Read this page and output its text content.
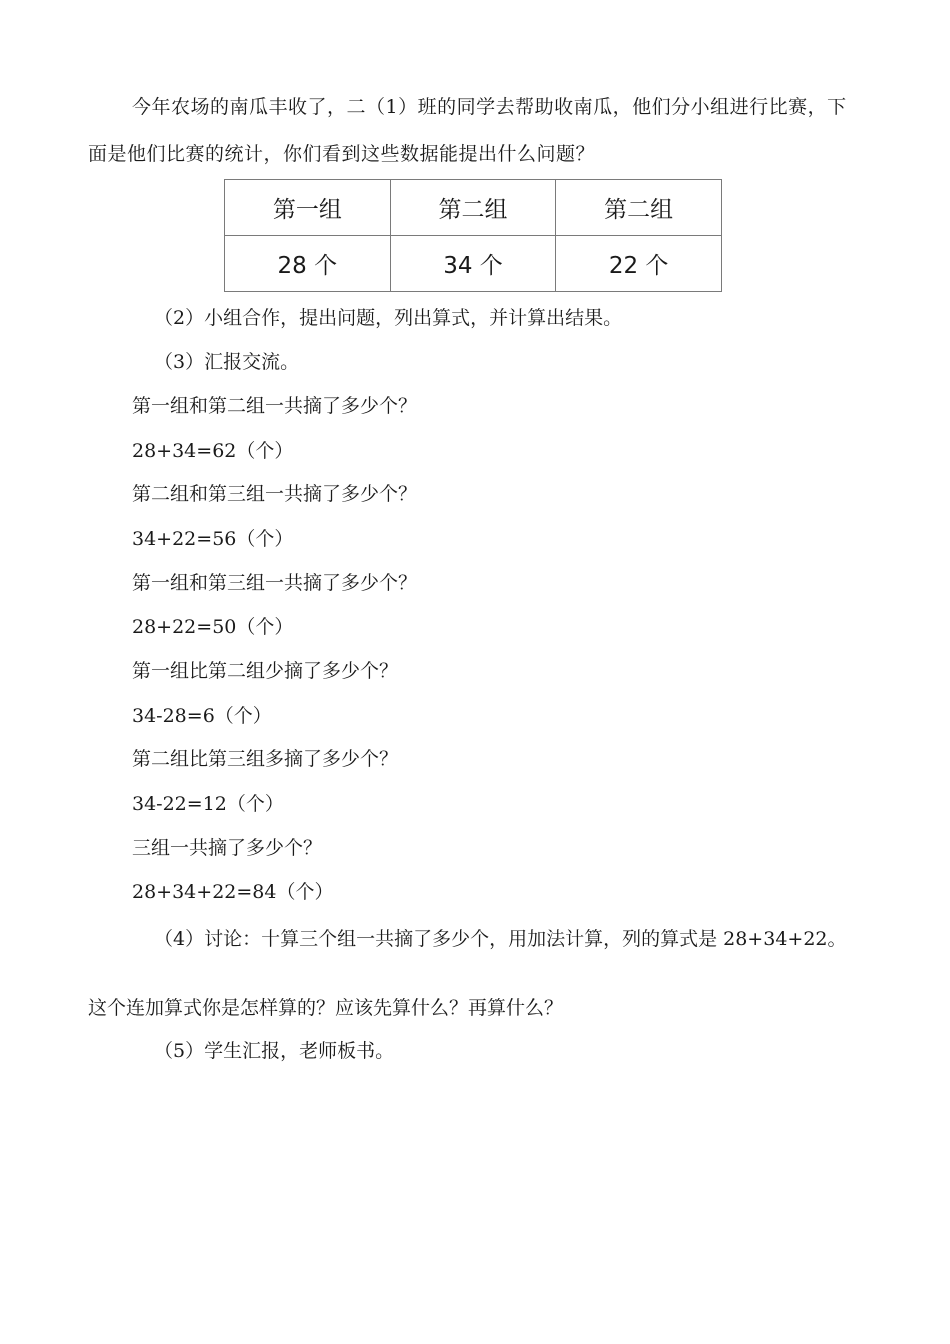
今年农场的南瓜丰收了，二（1）班的同学去帮助收南瓜，他们分小组进行比赛，下面是他们比赛的统计，你们看到这些数据能提出什么问题？

第一组	第二组	第二组
28 个	34 个	22 个

（2）小组合作，提出问题，列出算式，并计算出结果。

（3）汇报交流。

第一组和第二组一共摘了多少个？

28+34=62（个）

第二组和第三组一共摘了多少个？

34+22=56（个）

第一组和第三组一共摘了多少个？

28+22=50（个）

第一组比第二组少摘了多少个？

34-28=6（个）

第二组比第三组多摘了多少个？

34-22=12（个）

三组一共摘了多少个？

28+34+22=84（个）

（4）讨论：十算三个组一共摘了多少个，用加法计算，列的算式是 28+34+22。

这个连加算式你是怎样算的？应该先算什么？再算什么？

（5）学生汇报，老师板书。
